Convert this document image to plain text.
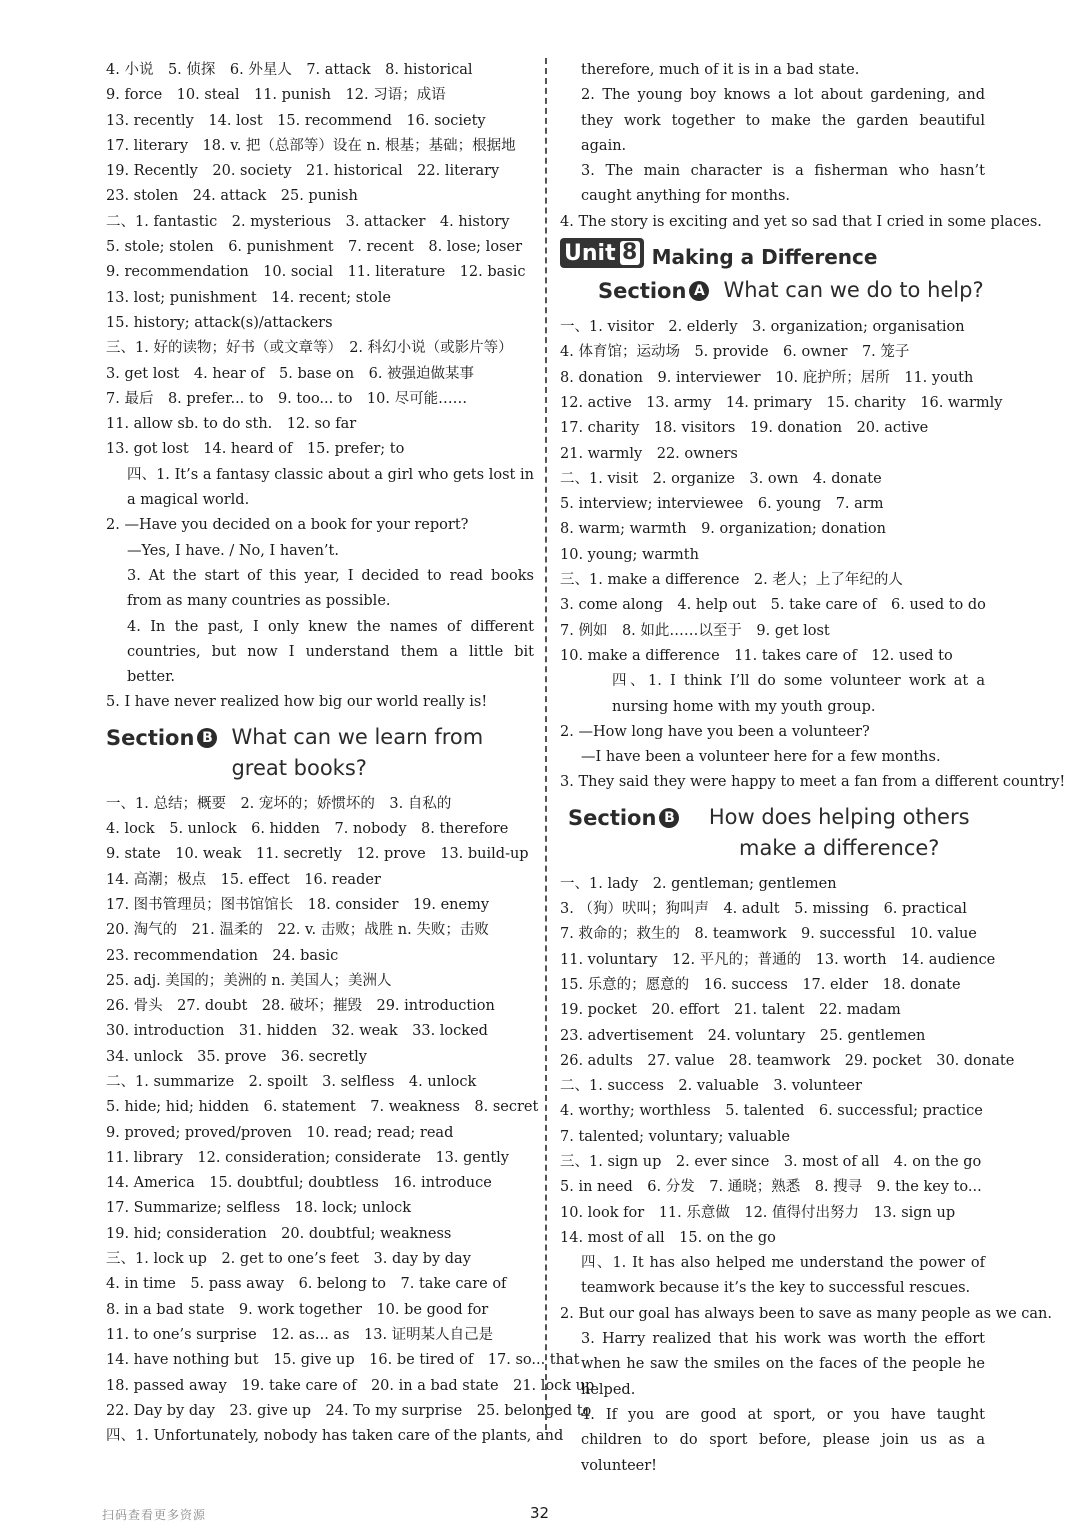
4. 小说　5. 侦探　6. 外星人　7. attack　8. historical
9. force　10. steal　11. punish　12. 习语；成语
13. recently　14. lost　15. recommend　16. society
17. literary　18. v. 把（总部等）设在 n. 根基；基础；根据地
19. Recently　20. society　21. historical　22. literary
23. stolen　24. attack　25. punish
二、1. fantastic　2. mysterious　3. attacker　4. history
5. stole; stolen　6. punishment　7. recent　8. lose; loser
9. recommendation　10. social　11. literature　12. basic
13. lost; punishment　14. recent; stole
15. history; attack(s)/attackers
三、1. 好的读物；好书（或文章等）　2. 科幻小说（或影片等）
3. get lost　4. hear of　5. base on　6. 被强迫做某事
7. 最后　8. prefer... to　9. too... to　10. 尽可能……
11. allow sb. to do sth.　12. so far
13. got lost　14. heard of　15. prefer; to
四、1. It’s a fantasy classic about a girl who gets lost in a magical world.
2. —Have you decided on a book for your report?
—Yes, I have. / No, I haven’t.
3. At the start of this year, I decided to read books from as many countries as possible.
4. In the past, I only knew the names of different countries, but now I understand them a little bit better.
5. I have never realized how big our world really is!
Section B What can we learn from great books?
一、1. 总结；概要　2. 宠坏的；娇惯坏的　3. 自私的
4. lock　5. unlock　6. hidden　7. nobody　8. therefore
9. state　10. weak　11. secretly　12. prove　13. build-up
14. 高潮；极点　15. effect　16. reader
17. 图书管理员；图书馆馆长　18. consider　19. enemy
20. 淘气的　21. 温柔的　22. v. 击败；战胜 n. 失败；击败
23. recommendation　24. basic
25. adj. 美国的；美洲的 n. 美国人；美洲人
26. 骨头　27. doubt　28. 破坏；摧毁　29. introduction
30. introduction　31. hidden　32. weak　33. locked
34. unlock　35. prove　36. secretly
二、1. summarize　2. spoilt　3. selfless　4. unlock
5. hide; hid; hidden　6. statement　7. weakness　8. secret
9. proved; proved/proven　10. read; read; read
11. library　12. consideration; considerate　13. gently
14. America　15. doubtful; doubtless　16. introduce
17. Summarize; selfless　18. lock; unlock
19. hid; consideration　20. doubtful; weakness
三、1. lock up　2. get to one’s feet　3. day by day
4. in time　5. pass away　6. belong to　7. take care of
8. in a bad state　9. work together　10. be good for
11. to one’s surprise　12. as... as　13. 证明某人自己是
14. have nothing but　15. give up　16. be tired of　17. so... that
18. passed away　19. take care of　20. in a bad state　21. lock up
22. Day by day　23. give up　24. To my surprise　25. belonged to
四、1. Unfortunately, nobody has taken care of the plants, and
therefore, much of it is in a bad state.
2. The young boy knows a lot about gardening, and they work together to make the garden beautiful again.
3. The main character is a fisherman who hasn’t caught anything for months.
4. The story is exciting and yet so sad that I cried in some places.
Unit 8 Making a Difference
Section A What can we do to help?
一、1. visitor　2. elderly　3. organization; organisation
4. 体育馆；运动场　5. provide　6. owner　7. 笼子
8. donation　9. interviewer　10. 庇护所；居所　11. youth
12. active　13. army　14. primary　15. charity　16. warmly
17. charity　18. visitors　19. donation　20. active
21. warmly　22. owners
二、1. visit　2. organize　3. own　4. donate
5. interview; interviewee　6. young　7. arm
8. warm; warmth　9. organization; donation
10. young; warmth
三、1. make a difference　2. 老人；上了年纪的人
3. come along　4. help out　5. take care of　6. used to do
7. 例如　8. 如此……以至于　9. get lost
10. make a difference　11. takes care of　12. used to
四、1. I think I’ll do some volunteer work at a nursing home with my youth group.
2. —How long have you been a volunteer?
—I have been a volunteer here for a few months.
3. They said they were happy to meet a fan from a different country!
Section B	How does helping others make a difference?
一、1. lady　2. gentleman; gentlemen
3. （狗）吠叫；狗叫声　4. adult　5. missing　6. practical
7. 救命的；救生的　8. teamwork　9. successful　10. value
11. voluntary　12. 平凡的；普通的　13. worth　14. audience
15. 乐意的；愿意的　16. success　17. elder　18. donate
19. pocket　20. effort　21. talent　22. madam
23. advertisement　24. voluntary　25. gentlemen
26. adults　27. value　28. teamwork　29. pocket　30. donate
二、1. success　2. valuable　3. volunteer
4. worthy; worthless　5. talented　6. successful; practice
7. talented; voluntary; valuable
三、1. sign up　2. ever since　3. most of all　4. on the go
5. in need　6. 分发　7. 通晓；熟悉　8. 搜寻　9. the key to...
10. look for　11. 乐意做　12. 值得付出努力　13. sign up
14. most of all　15. on the go
四、1. It has also helped me understand the power of teamwork because it’s the key to successful rescues.
2. But our goal has always been to save as many people as we can.
3. Harry realized that his work was worth the effort when he saw the smiles on the faces of the people he helped.
4. If you are good at sport, or you have taught children to do sport before, please join us as a volunteer!
扫码查看更多资源	32
